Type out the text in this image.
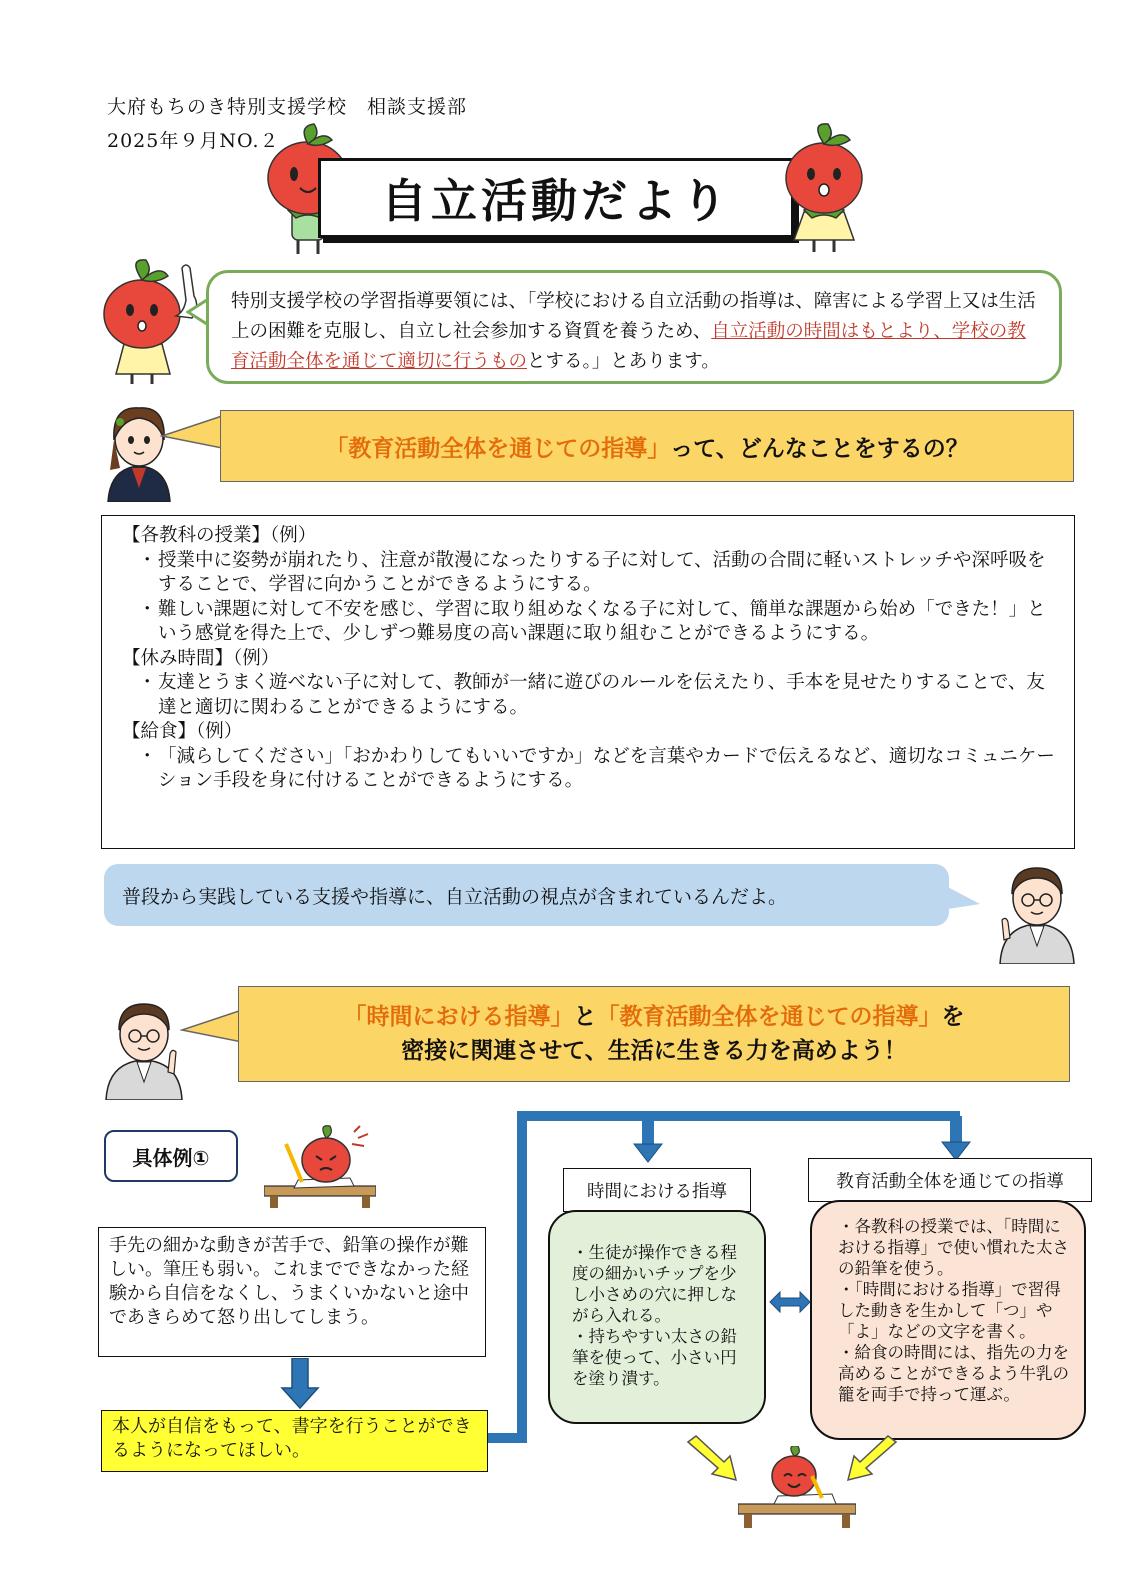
大府もちのき特別支援学校　相談支援部
2025年９月NO.２
自立活動だより
特別支援学校の学習指導要領には、「学校における自立活動の指導は、障害による学習上又は生活上の困難を克服し、自立し社会参加する資質を養うため、自立活動の時間はもとより、学校の教育活動全体を通じて適切に行うものとする。」とあります。
「教育活動全体を通じての指導」 って、どんなことをするの？

【各教科の授業】（例）

・ 授業中に姿勢が崩れたり、注意が散漫になったりする子に対して、活動の合間に軽いストレッチや深呼吸をすることで、学習に向かうことができるようにする。

・ 難しい課題に対して不安を感じ、学習に取り組めなくなる子に対して、簡単な課題から始め「できた！」という感覚を得た上で、少しずつ難易度の高い課題に取り組むことができるようにする。

【休み時間】（例）

・ 友達とうまく遊べない子に対して、教師が一緒に遊びのルールを伝えたり、手本を見せたりすることで、友達と適切に関わることができるようにする。

【給食】（例）

・ 「減らしてください」「おかわりしてもいいですか」などを言葉やカードで伝えるなど、適切なコミュニケーション手段を身に付けることができるようにする。

普段から実践している支援や指導に、自立活動の視点が含まれているんだよ。
「時間における指導」と「教育活動全体を通じての指導」を
密接に関連させて、生活に生きる力を高めよう！
具体例①
手先の細かな動きが苦手で、鉛筆の操作が難しい。筆圧も弱い。これまでできなかった経験から自信をなくし、うまくいかないと途中であきらめて怒り出してしまう。
本人が自信をもって、書字を行うことができるようになってほしい。
時間における指導	教育活動全体を通じての指導
・生徒が操作できる程度の細かいチップを少し小さめの穴に押しながら入れる。
・持ちやすい太さの鉛筆を使って、小さい円を塗り潰す。
・各教科の授業では、「時間における指導」で使い慣れた太さの鉛筆を使う。
・「時間における指導」で習得した動きを生かして「つ」や「よ」などの文字を書く。
・給食の時間には、指先の力を高めることができるよう牛乳の籠を両手で持って運ぶ。
